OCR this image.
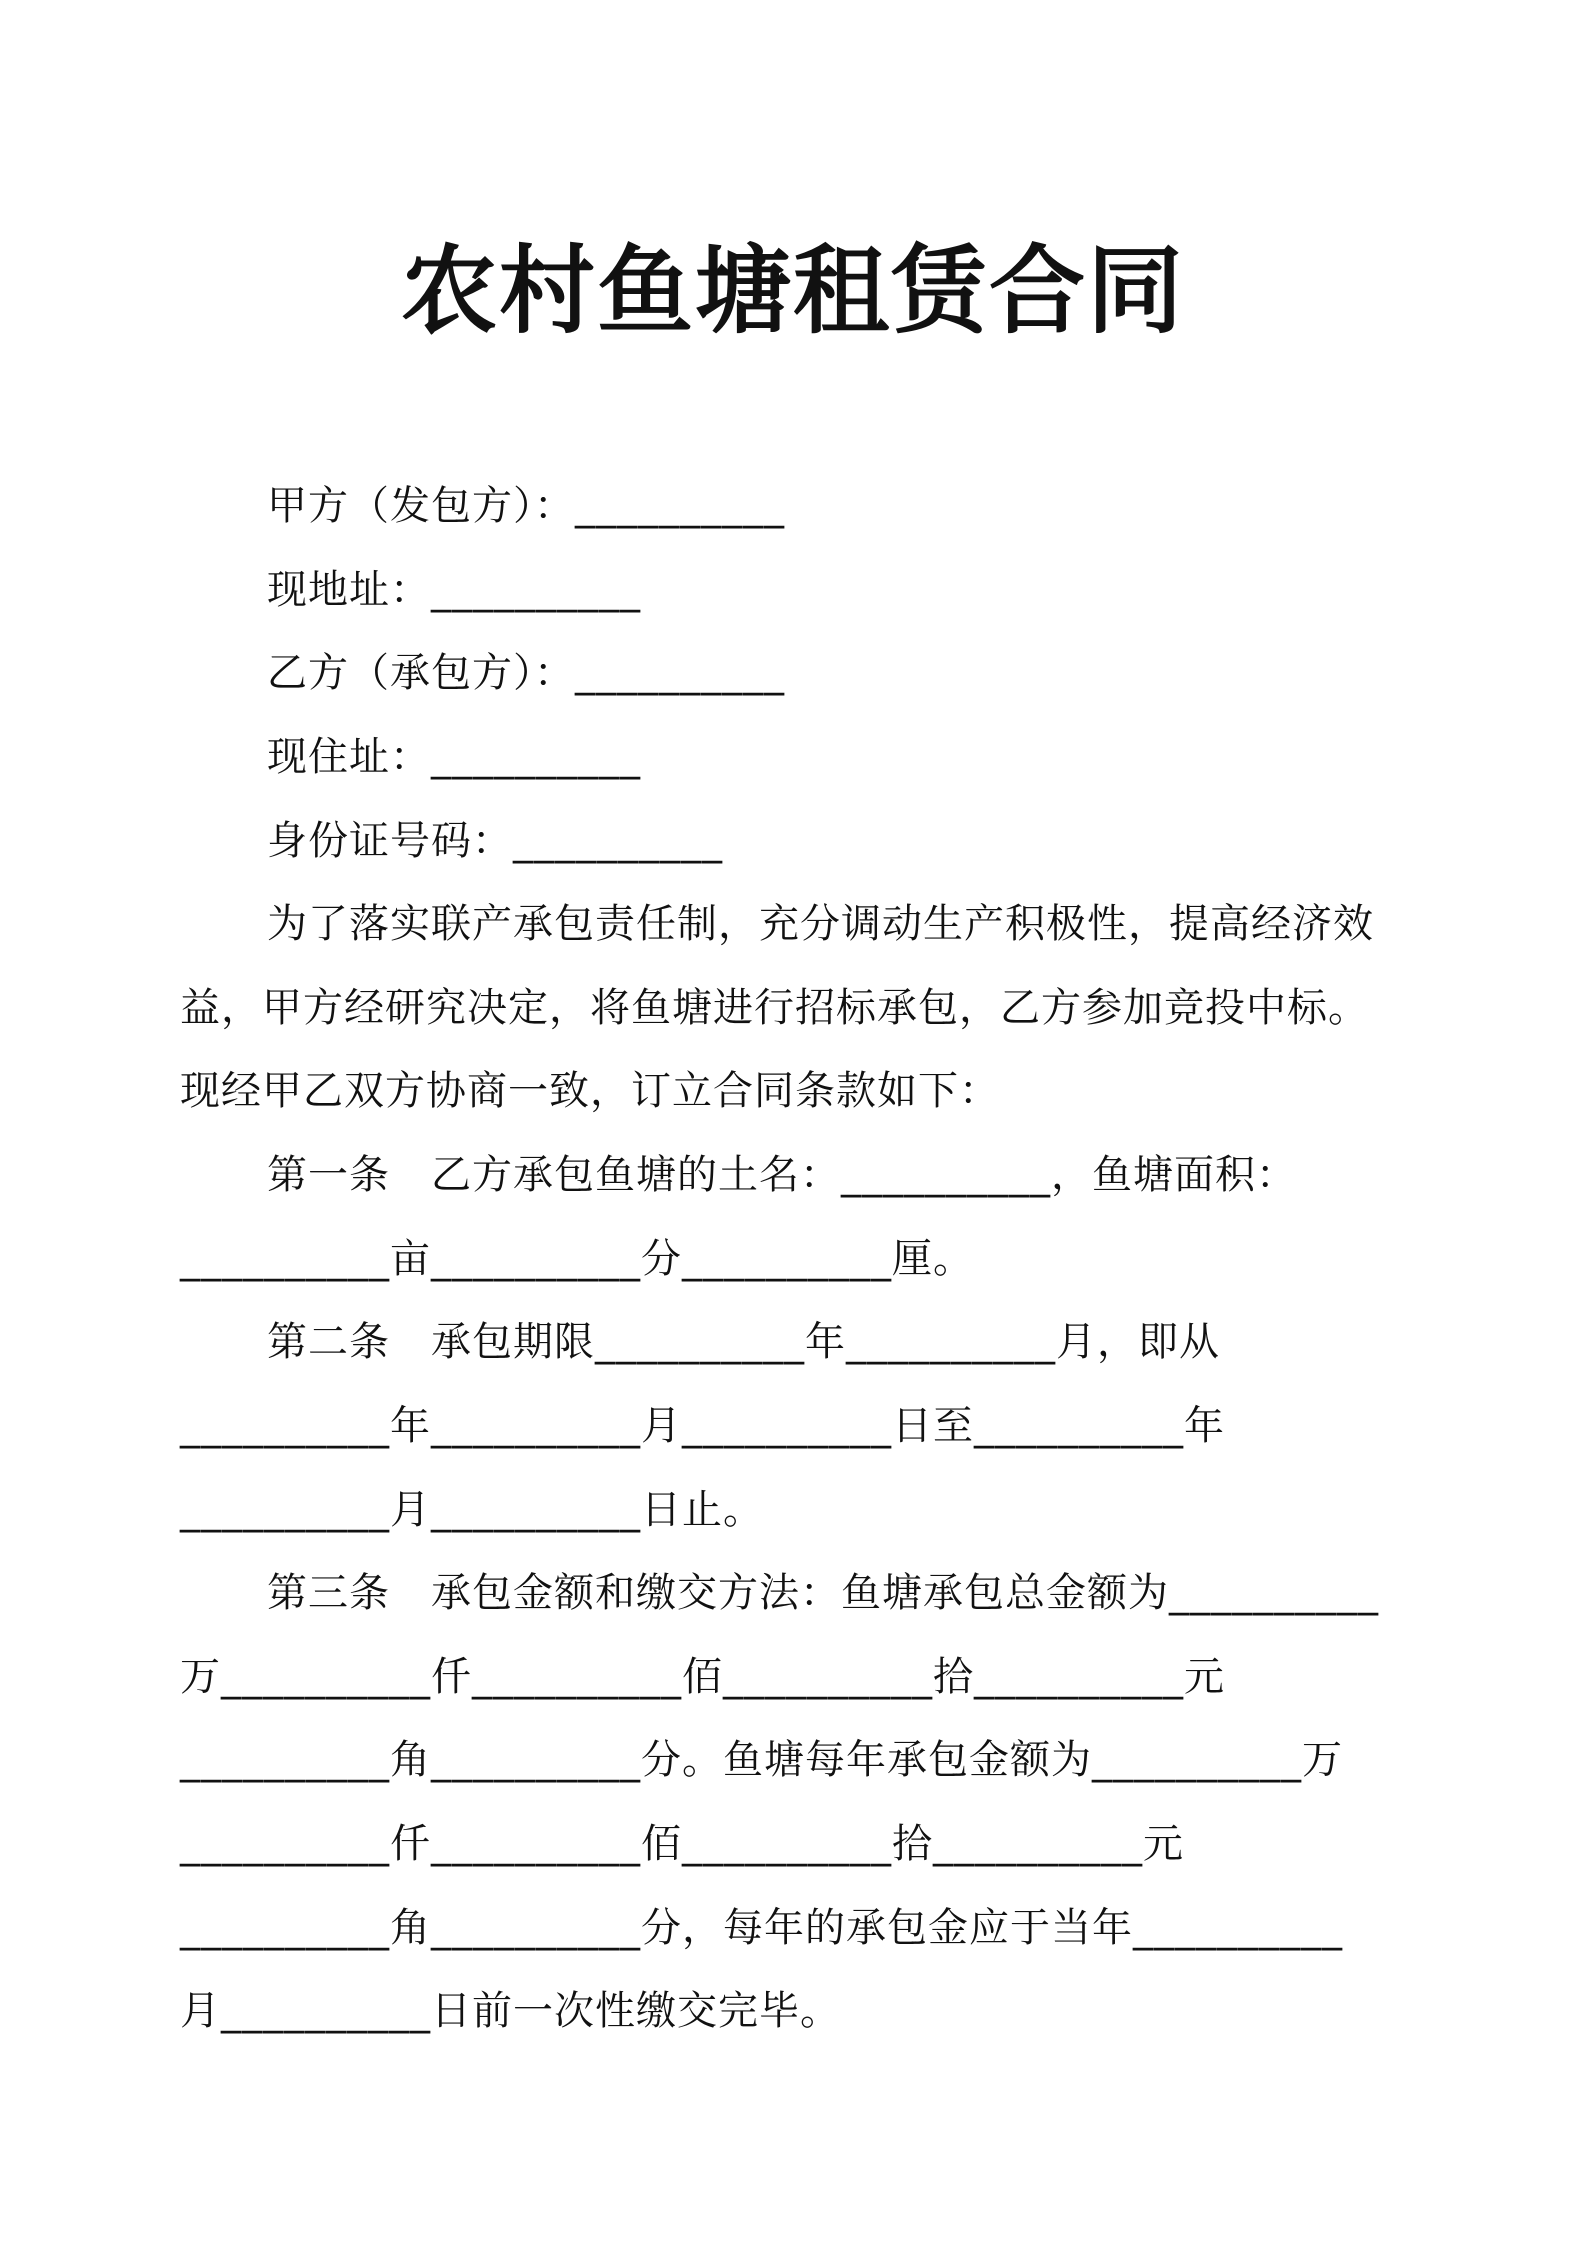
农村鱼塘租赁合同
甲方（发包方）：__________
现地址：__________
乙方（承包方）：__________
现住址：__________
身份证号码：__________
为了落实联产承包责任制，充分调动生产积极性，提高经济效
益，甲方经研究决定，将鱼塘进行招标承包，乙方参加竞投中标。
现经甲乙双方协商一致，订立合同条款如下：
第一条　乙方承包鱼塘的土名：__________，鱼塘面积：
__________亩__________分__________厘。
第二条　承包期限__________年__________月，即从
__________年__________月__________日至__________年
__________月__________日止。
第三条　承包金额和缴交方法：鱼塘承包总金额为__________
万__________仟__________佰__________拾__________元
__________角__________分。鱼塘每年承包金额为__________万
__________仟__________佰__________拾__________元
__________角__________分，每年的承包金应于当年__________
月__________日前一次性缴交完毕。
